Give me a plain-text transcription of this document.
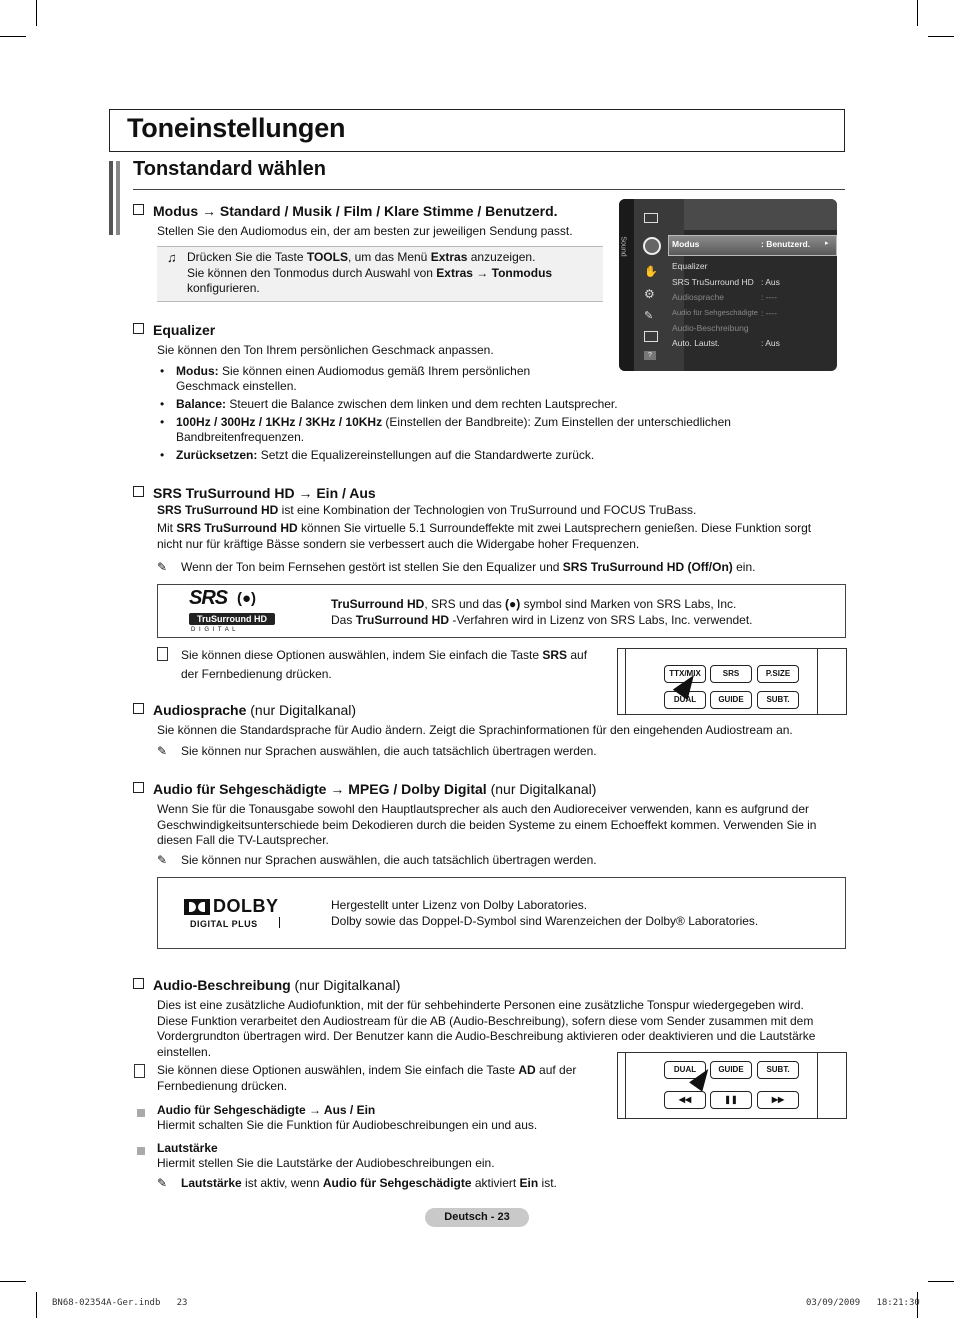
Toneinstellungen
Tonstandard wählen
Modus → Standard / Musik / Film / Klare Stimme / Benutzerd.
Stellen Sie den Audiomodus ein, der am besten zur jeweiligen Sendung passt.
♫ Drücken Sie die Taste TOOLS, um das Menü Extras anzuzeigen.
Sie können den Tonmodus durch Auswahl von Extras → Tonmodus
konfigurieren.
Sound
✋
⚙
✎
?
Modus	: Benutzerd. ▸
Equalizer
SRS TruSurround HD : Aus
Audiosprache	: ----
Audio für Sehgeschädigte : ----
Audio-Beschreibung
Auto. Lautst.	: Aus
Equalizer
Sie können den Ton Ihrem persönlichen Geschmack anpassen.
• Modus: Sie können einen Audiomodus gemäß Ihrem persönlichen
Geschmack einstellen.
• Balance: Steuert die Balance zwischen dem linken und dem rechten Lautsprecher.
• 100Hz / 300Hz / 1KHz / 3KHz / 10KHz (Einstellen der Bandbreite): Zum Einstellen der unterschiedlichen
Bandbreitenfrequenzen.
• Zurücksetzen: Setzt die Equalizereinstellungen auf die Standardwerte zurück.
SRS TruSurround HD → Ein / Aus
SRS TruSurround HD ist eine Kombination der Technologien von TruSurround und FOCUS TruBass.
Mit SRS TruSurround HD können Sie virtuelle 5.1 Surroundeffekte mit zwei Lautsprechern genießen. Diese Funktion sorgt
nicht nur für kräftige Bässe sondern sie verbessert auch die Widergabe hoher Frequenzen.
✎ Wenn der Ton beim Fernsehen gestört ist stellen Sie den Equalizer und SRS TruSurround HD (Off/On) ein.
SRS (●)
TruSurround HD
D I G I T A L
TruSurround HD, SRS und das (●) symbol sind Marken von SRS Labs, Inc.
Das TruSurround HD -Verfahren wird in Lizenz von SRS Labs, Inc. verwendet.
Sie können diese Optionen auswählen, indem Sie einfach die Taste SRS auf
der Fernbedienung drücken.	TTX/MIX	SRS	P.SIZE
DUAL	GUIDE	SUBT.
Audiosprache (nur Digitalkanal)
Sie können die Standardsprache für Audio ändern. Zeigt die Sprachinformationen für den eingehenden Audiostream an.
✎ Sie können nur Sprachen auswählen, die auch tatsächlich übertragen werden.
Audio für Sehgeschädigte → MPEG / Dolby Digital (nur Digitalkanal)
Wenn Sie für die Tonausgabe sowohl den Hauptlautsprecher als auch den Audioreceiver verwenden, kann es aufgrund der
Geschwindigkeitsunterschiede beim Dekodieren durch die beiden Systeme zu einem Echoeffekt kommen. Verwenden Sie in
diesen Fall die TV-Lautsprecher.
✎ Sie können nur Sprachen auswählen, die auch tatsächlich übertragen werden.
DOLBY
DIGITAL PLUS
Hergestellt unter Lizenz von Dolby Laboratories.
Dolby sowie das Doppel-D-Symbol sind Warenzeichen der Dolby® Laboratories.
Audio-Beschreibung (nur Digitalkanal)
Dies ist eine zusätzliche Audiofunktion, mit der für sehbehinderte Personen eine zusätzliche Tonspur wiedergegeben wird.
Diese Funktion verarbeitet den Audiostream für die AB (Audio-Beschreibung), sofern diese vom Sender zusammen mit dem
Vordergrundton übertragen wird. Der Benutzer kann die Audio-Beschreibung aktivieren oder deaktivieren und die Lautstärke
einstellen.
Sie können diese Optionen auswählen, indem Sie einfach die Taste AD auf der
Fernbedienung drücken.
DUAL	GUIDE	SUBT.
◀◀	❚❚	▶▶
Audio für Sehgeschädigte → Aus / Ein
Hiermit schalten Sie die Funktion für Audiobeschreibungen ein und aus.
Lautstärke
Hiermit stellen Sie die Lautstärke der Audiobeschreibungen ein.
✎ Lautstärke ist aktiv, wenn Audio für Sehgeschädigte aktiviert Ein ist.
Deutsch - 23
BN68-02354A-Ger.indb   23	03/09/2009   18:21:30
